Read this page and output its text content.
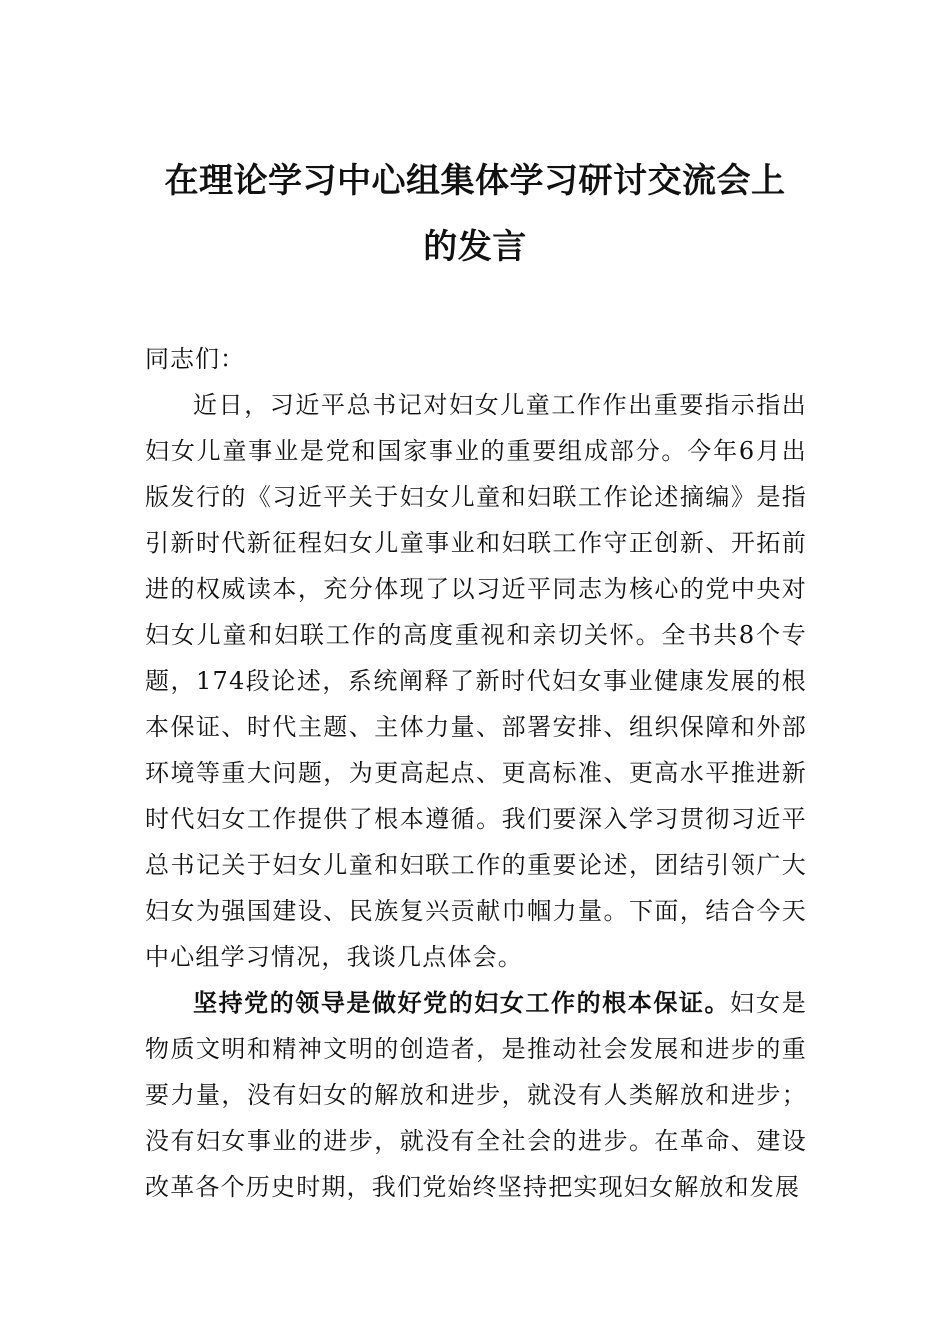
在理论学习中心组集体学习研讨交流会上
的发言

同志们：

近日，习近平总书记对妇女儿童工作作出重要指示指出妇女儿童事业是党和国家事业的重要组成部分。今年6月出版发行的《习近平关于妇女儿童和妇联工作论述摘编》是指引新时代新征程妇女儿童事业和妇联工作守正创新、开拓前进的权威读本，充分体现了以习近平同志为核心的党中央对妇女儿童和妇联工作的高度重视和亲切关怀。全书共8个专题，174段论述，系统阐释了新时代妇女事业健康发展的根本保证、时代主题、主体力量、部署安排、组织保障和外部环境等重大问题，为更高起点、更高标准、更高水平推进新时代妇女工作提供了根本遵循。我们要深入学习贯彻习近平总书记关于妇女儿童和妇联工作的重要论述，团结引领广大妇女为强国建设、民族复兴贡献巾帼力量。下面，结合今天中心组学习情况，我谈几点体会。

坚持党的领导是做好党的妇女工作的根本保证。妇女是物质文明和精神文明的创造者，是推动社会发展和进步的重要力量，没有妇女的解放和进步，就没有人类解放和进步；没有妇女事业的进步，就没有全社会的进步。在革命、建设改革各个历史时期，我们党始终坚持把实现妇女解放和发展
